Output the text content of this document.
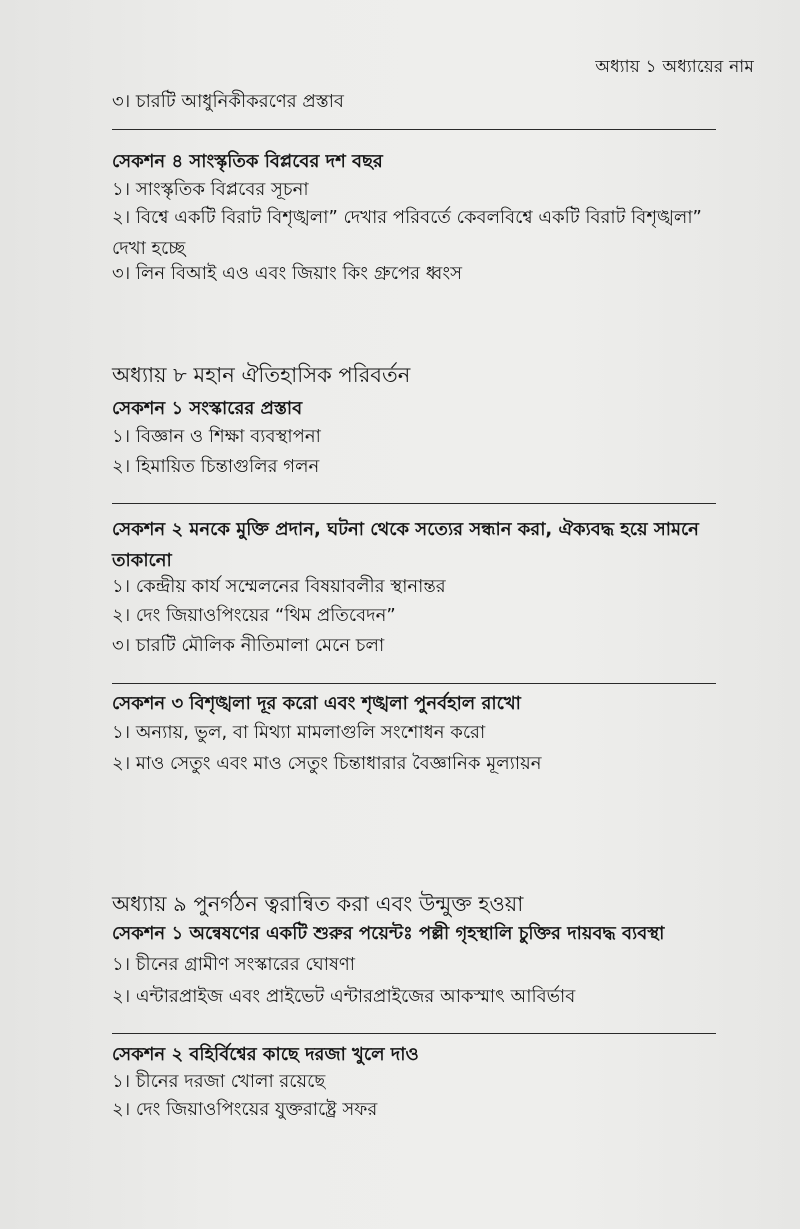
অধ্যায় ১ অধ্যায়ের নাম
৩। চারটি আধুনিকীকরণের প্রস্তাব
সেকশন ৪ সাংস্কৃতিক বিপ্লবের দশ বছর
১। সাংস্কৃতিক বিপ্লবের সূচনা
২। বিশ্বে একটি বিরাট বিশৃঙ্খলা” দেখার পরিবর্তে কেবলবিশ্বে একটি বিরাট বিশৃঙ্খলা” দেখা হচ্ছে
৩। লিন বিআই এও এবং জিয়াং কিং গ্রুপের ধ্বংস
অধ্যায় ৮ মহান ঐতিহাসিক পরিবর্তন
সেকশন ১ সংস্কারের প্রস্তাব
১। বিজ্ঞান ও শিক্ষা ব্যবস্থাপনা
২। হিমায়িত চিন্তাগুলির গলন
সেকশন ২ মনকে মুক্তি প্রদান, ঘটনা থেকে সত্যের সন্ধান করা, ঐক্যবদ্ধ হয়ে সামনে তাকানো
১। কেন্দ্রীয় কার্য সম্মেলনের বিষয়াবলীর স্থানান্তর
২। দেং জিয়াওপিংয়ের “থিম প্রতিবেদন”
৩। চারটি মৌলিক নীতিমালা মেনে চলা
সেকশন ৩ বিশৃঙ্খলা দূর করো এবং শৃঙ্খলা পুনর্বহাল রাখো
১। অন্যায়, ভুল, বা মিথ্যা মামলাগুলি সংশোধন করো
২। মাও সেতুং এবং মাও সেতুং চিন্তাধারার বৈজ্ঞানিক মূল্যায়ন
অধ্যায় ৯ পুনর্গঠন ত্বরান্বিত করা এবং উন্মুক্ত হওয়া
সেকশন ১ অন্বেষণের একটি শুরুর পয়েন্টঃ পল্লী গৃহস্থালি চুক্তির দায়বদ্ধ ব্যবস্থা
১। চীনের গ্রামীণ সংস্কারের ঘোষণা
২। এন্টারপ্রাইজ এবং প্রাইভেট এন্টারপ্রাইজের আকস্মাৎ আবির্ভাব
সেকশন ২ বহির্বিশ্বের কাছে দরজা খুলে দাও
১। চীনের দরজা খোলা রয়েছে
২। দেং জিয়াওপিংয়ের যুক্তরাষ্ট্রে সফর
